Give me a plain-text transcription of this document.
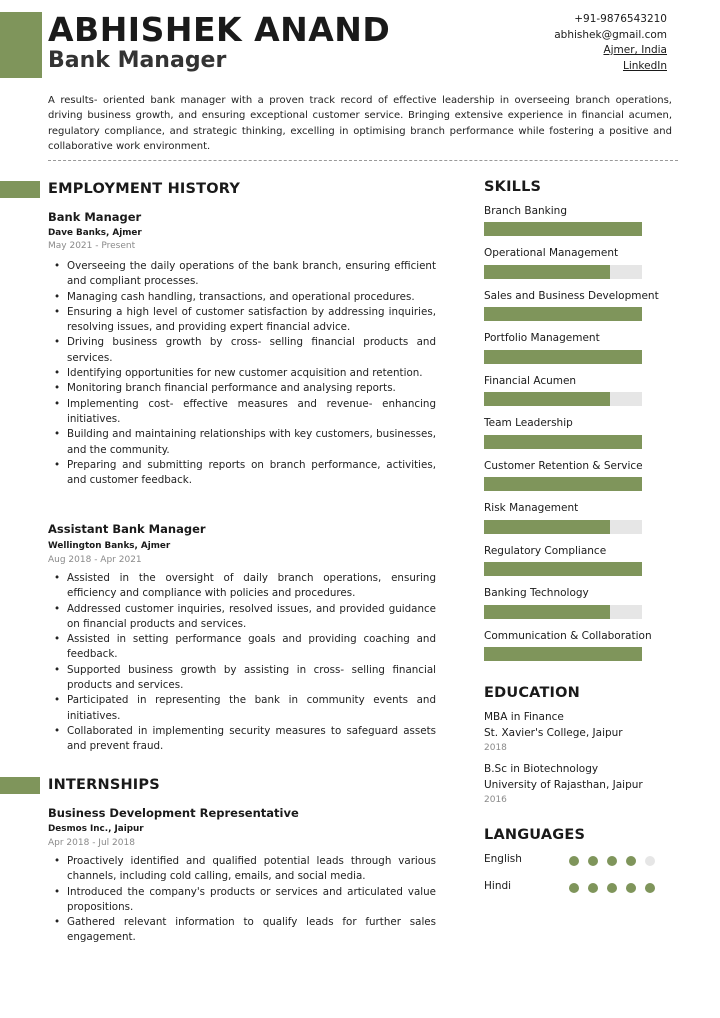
ABHISHEK ANAND
Bank Manager
+91-9876543210
abhishek@gmail.com
Ajmer, India
LinkedIn
A results- oriented bank manager with a proven track record of effective leadership in overseeing branch operations, driving business growth, and ensuring exceptional customer service. Bringing extensive experience in financial acumen, regulatory compliance, and strategic thinking, excelling in optimising branch performance while fostering a positive and collaborative work environment.
EMPLOYMENT HISTORY
Bank Manager
Dave Banks, Ajmer
May 2021 - Present
• Overseeing the daily operations of the bank branch, ensuring efficient and compliant processes.
• Managing cash handling, transactions, and operational procedures.
• Ensuring a high level of customer satisfaction by addressing inquiries, resolving issues, and providing expert financial advice.
• Driving business growth by cross- selling financial products and services.
• Identifying opportunities for new customer acquisition and retention.
• Monitoring branch financial performance and analysing reports.
• Implementing cost- effective measures and revenue- enhancing initiatives.
• Building and maintaining relationships with key customers, businesses, and the community.
• Preparing and submitting reports on branch performance, activities, and customer feedback.
Assistant Bank Manager
Wellington Banks, Ajmer
Aug 2018 - Apr 2021
• Assisted in the oversight of daily branch operations, ensuring efficiency and compliance with policies and procedures.
• Addressed customer inquiries, resolved issues, and provided guidance on financial products and services.
• Assisted in setting performance goals and providing coaching and feedback.
• Supported business growth by assisting in cross- selling financial products and services.
• Participated in representing the bank in community events and initiatives.
• Collaborated in implementing security measures to safeguard assets and prevent fraud.
INTERNSHIPS
Business Development Representative
Desmos Inc., Jaipur
Apr 2018 - Jul 2018
• Proactively identified and qualified potential leads through various channels, including cold calling, emails, and social media.
• Introduced the company's products or services and articulated value propositions.
• Gathered relevant information to qualify leads for further sales engagement.
SKILLS
Branch Banking
Operational Management
Sales and Business Development
Portfolio Management
Financial Acumen
Team Leadership
Customer Retention & Service
Risk Management
Regulatory Compliance
Banking Technology
Communication & Collaboration
EDUCATION
MBA in Finance
St. Xavier's College, Jaipur
2018
B.Sc in Biotechnology
University of Rajasthan, Jaipur
2016
LANGUAGES
English
Hindi
